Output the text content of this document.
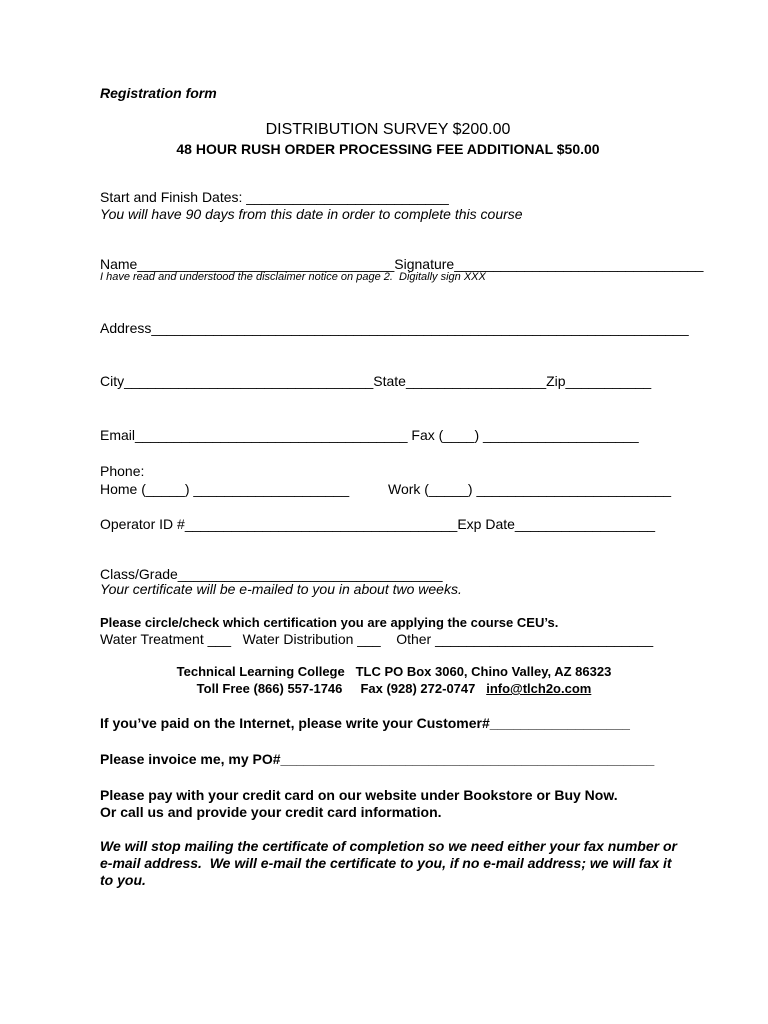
Registration form
DISTRIBUTION SURVEY $200.00
48 HOUR RUSH ORDER PROCESSING FEE ADDITIONAL $50.00
Start and Finish Dates: __________________________
You will have 90 days from this date in order to complete this course
Name_________________________________Signature________________________________
I have read and understood the disclaimer notice on page 2.  Digitally sign XXX
Address_____________________________________________________________________
City________________________________State__________________Zip___________
Email___________________________________ Fax (____) ____________________
Phone:
Home (_____) ____________________	Work (_____) _________________________
Operator ID #___________________________________Exp Date__________________
Class/Grade__________________________________
Your certificate will be e-mailed to you in about two weeks.
Please circle/check which certification you are applying the course CEU’s.
Water Treatment ___   Water Distribution ___    Other ____________________________
Technical Learning College   TLC PO Box 3060, Chino Valley, AZ 86323
Toll Free (866) 557-1746     Fax (928) 272-0747   info@tlch2o.com
If you’ve paid on the Internet, please write your Customer#__________________
Please invoice me, my PO#________________________________________________
Please pay with your credit card on our website under Bookstore or Buy Now.
Or call us and provide your credit card information.
We will stop mailing the certificate of completion so we need either your fax number or
e-mail address.  We will e-mail the certificate to you, if no e-mail address; we will fax it
to you.
